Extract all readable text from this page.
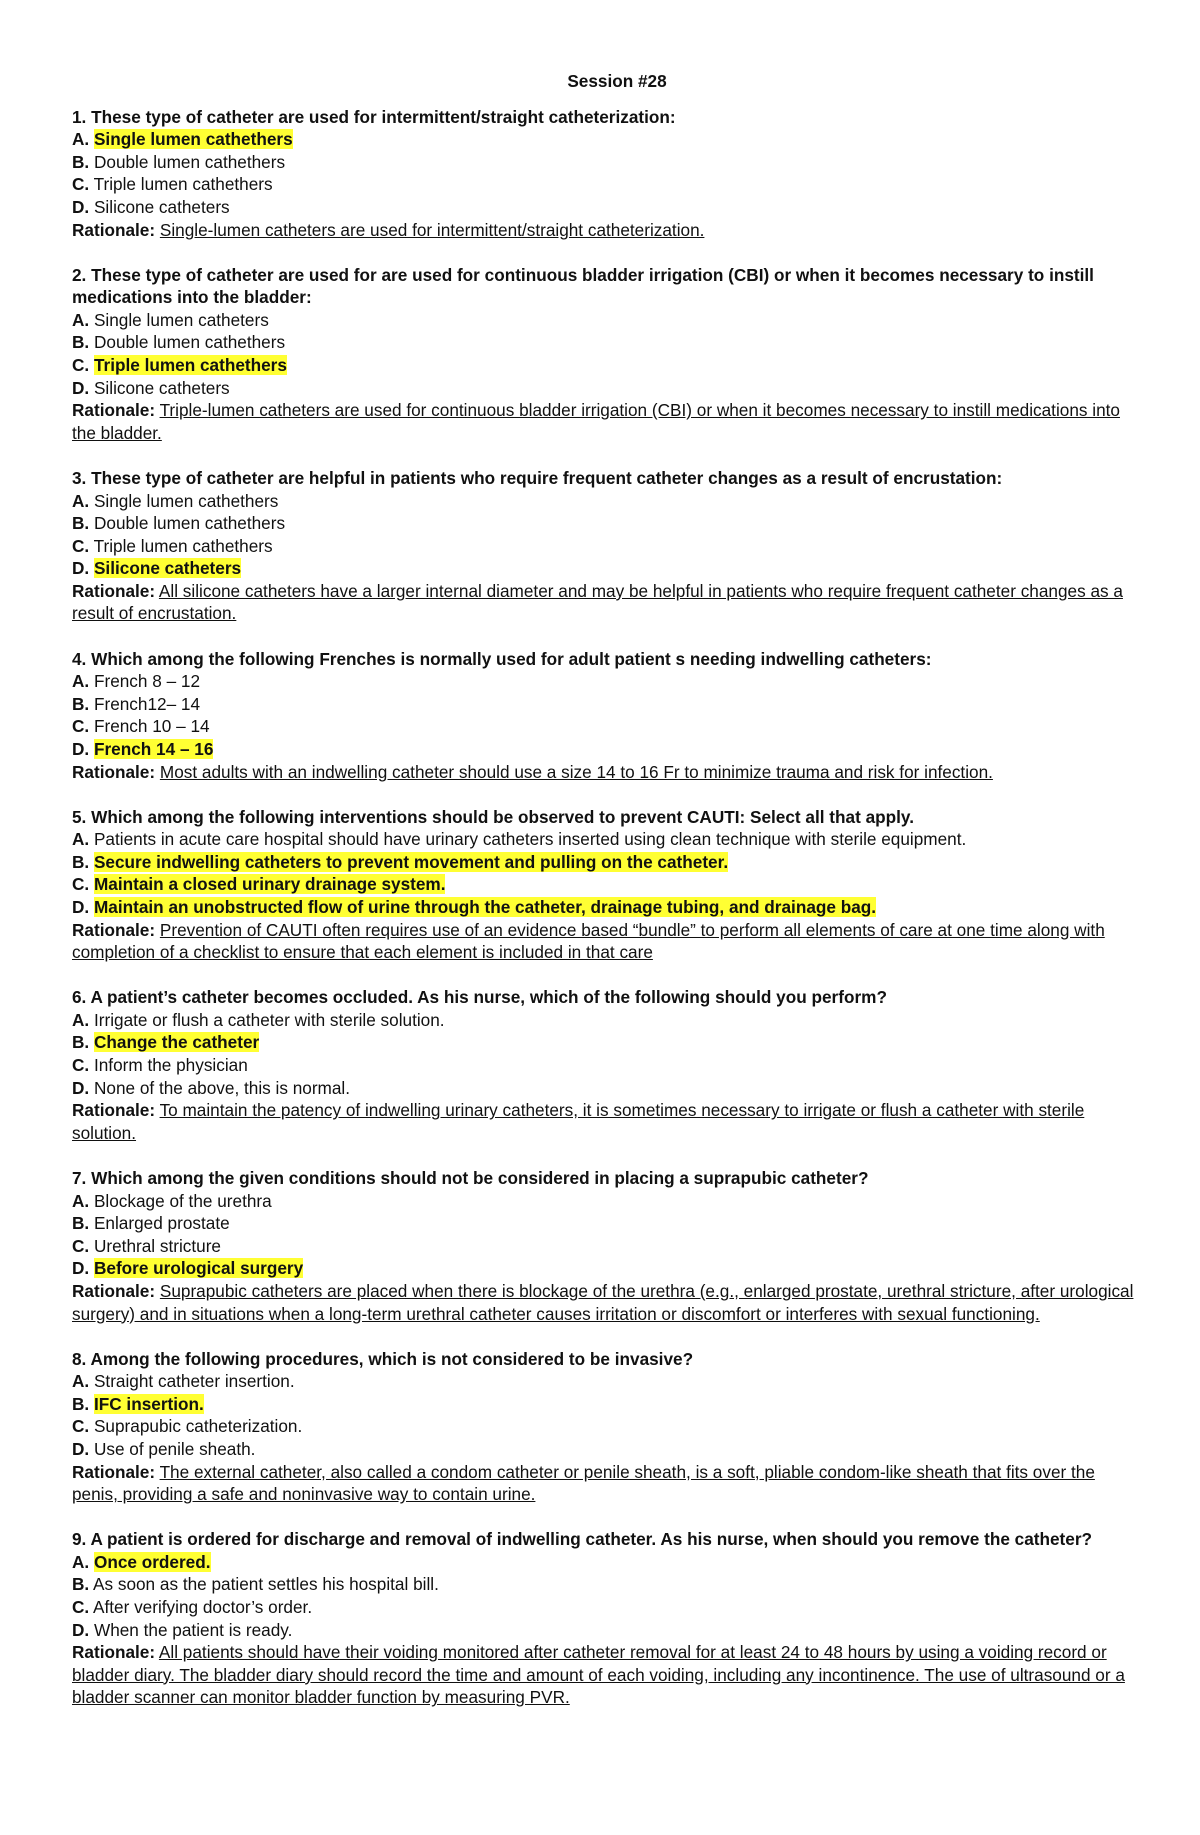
Session #28
1. These type of catheter are used for intermittent/straight catheterization:
A. Single lumen cathethers
B. Double lumen cathethers
C. Triple lumen cathethers
D. Silicone catheters
Rationale: Single-lumen catheters are used for intermittent/straight catheterization.
2. These type of catheter are used for are used for continuous bladder irrigation (CBI) or when it becomes necessary to instill medications into the bladder:
A. Single lumen catheters
B. Double lumen cathethers
C. Triple lumen cathethers
D. Silicone catheters
Rationale: Triple-lumen catheters are used for continuous bladder irrigation (CBI) or when it becomes necessary to instill medications into the bladder.
3. These type of catheter are helpful in patients who require frequent catheter changes as a result of encrustation:
A. Single lumen cathethers
B. Double lumen cathethers
C. Triple lumen cathethers
D. Silicone catheters
Rationale: All silicone catheters have a larger internal diameter and may be helpful in patients who require frequent catheter changes as a result of encrustation.
4. Which among the following Frenches is normally used for adult patient s needing indwelling catheters:
A. French 8 – 12
B. French12– 14
C. French 10 – 14
D. French 14 – 16
Rationale: Most adults with an indwelling catheter should use a size 14 to 16 Fr to minimize trauma and risk for infection.
5. Which among the following interventions should be observed to prevent CAUTI: Select all that apply.
A. Patients in acute care hospital should have urinary catheters inserted using clean technique with sterile equipment.
B. Secure indwelling catheters to prevent movement and pulling on the catheter.
C. Maintain a closed urinary drainage system.
D. Maintain an unobstructed flow of urine through the catheter, drainage tubing, and drainage bag.
Rationale: Prevention of CAUTI often requires use of an evidence based “bundle” to perform all elements of care at one time along with completion of a checklist to ensure that each element is included in that care
6. A patient’s catheter becomes occluded. As his nurse, which of the following should you perform?
A. Irrigate or flush a catheter with sterile solution.
B. Change the catheter
C. Inform the physician
D. None of the above, this is normal.
Rationale: To maintain the patency of indwelling urinary catheters, it is sometimes necessary to irrigate or flush a catheter with sterile solution.
7. Which among the given conditions should not be considered in placing a suprapubic catheter?
A. Blockage of the urethra
B. Enlarged prostate
C. Urethral stricture
D. Before urological surgery
Rationale: Suprapubic catheters are placed when there is blockage of the urethra (e.g., enlarged prostate, urethral stricture, after urological surgery) and in situations when a long-term urethral catheter causes irritation or discomfort or interferes with sexual functioning.
8. Among the following procedures, which is not considered to be invasive?
A. Straight catheter insertion.
B. IFC insertion.
C. Suprapubic catheterization.
D. Use of penile sheath.
Rationale: The external catheter, also called a condom catheter or penile sheath, is a soft, pliable condom-like sheath that fits over the penis, providing a safe and noninvasive way to contain urine.
9. A patient is ordered for discharge and removal of indwelling catheter. As his nurse, when should you remove the catheter?
A. Once ordered.
B. As soon as the patient settles his hospital bill.
C. After verifying doctor’s order.
D. When the patient is ready.
Rationale: All patients should have their voiding monitored after catheter removal for at least 24 to 48 hours by using a voiding record or bladder diary. The bladder diary should record the time and amount of each voiding, including any incontinence. The use of ultrasound or a bladder scanner can monitor bladder function by measuring PVR.
